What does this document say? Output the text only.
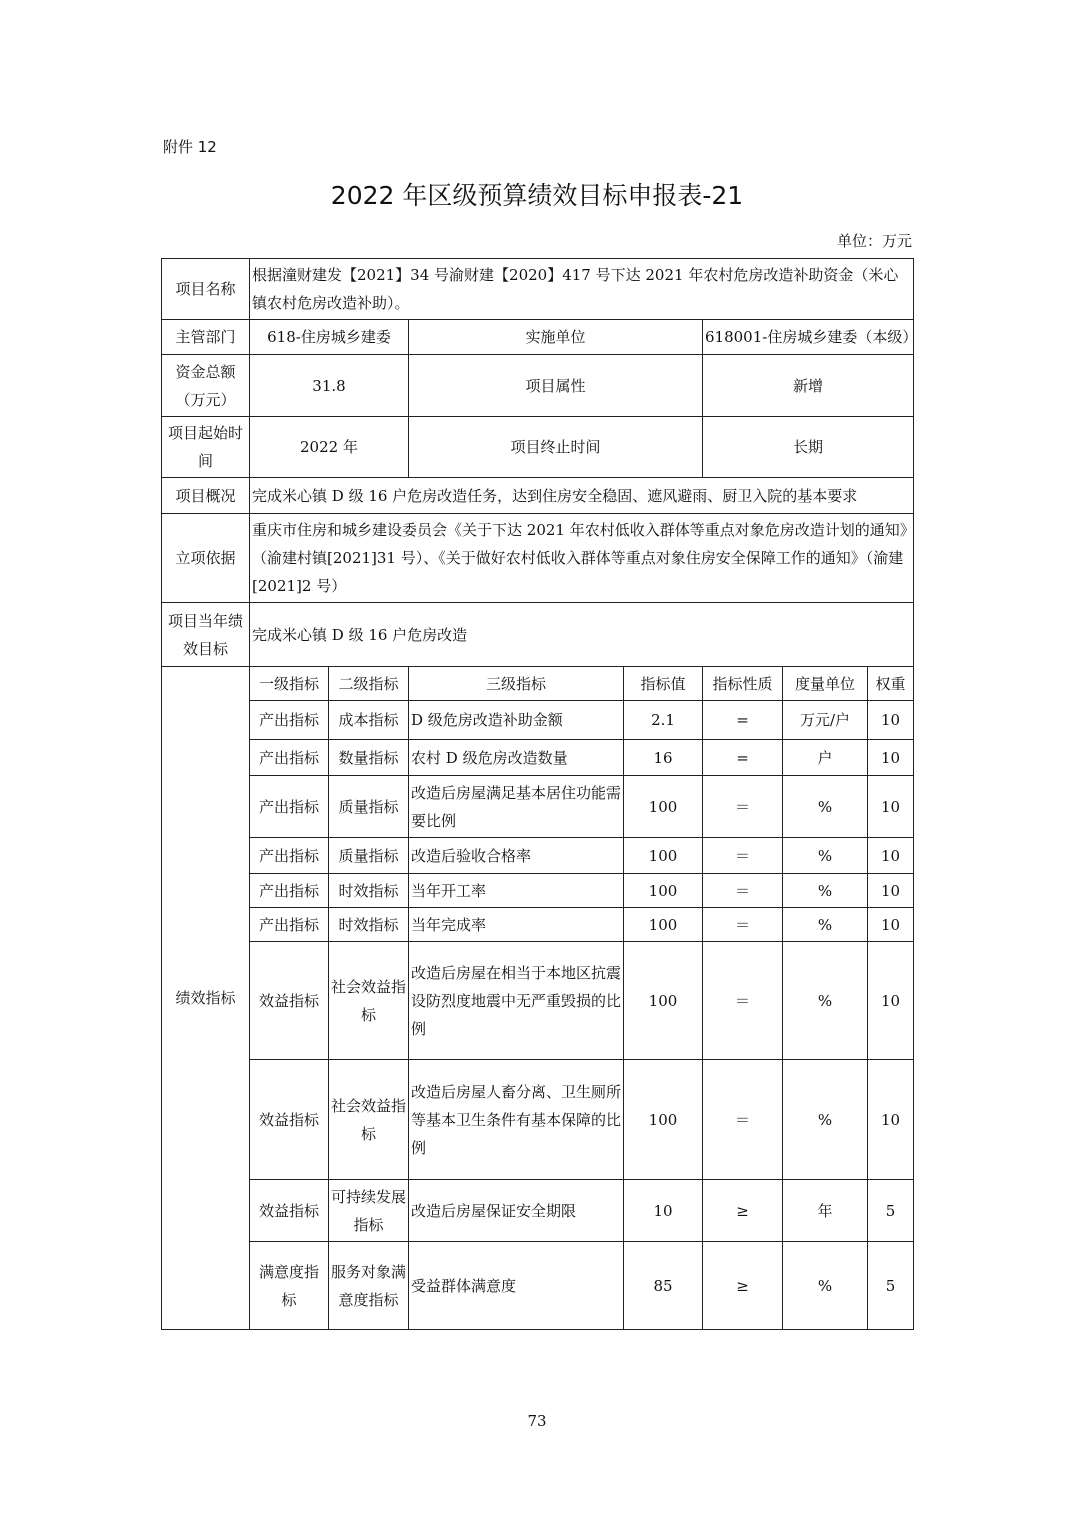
附件 12
2022 年区级预算绩效目标申报表-21
单位：万元
项目名称	根据潼财建发【2021】34 号渝财建【2020】417 号下达 2021 年农村危房改造补助资金（米心镇农村危房改造补助）。						
主管部门	618-住房城乡建委		实施单位		618001-住房城乡建委（本级）		
资金总额（万元）	31.8		项目属性		新增		
项目起始时间	2022 年		项目终止时间		长期		
项目概况	完成米心镇 D 级 16 户危房改造任务，达到住房安全稳固、遮风避雨、厨卫入院的基本要求						
立项依据	重庆市住房和城乡建设委员会《关于下达 2021 年农村低收入群体等重点对象危房改造计划的通知》（渝建村镇[2021]31 号）、《关于做好农村低收入群体等重点对象住房安全保障工作的通知》（渝建[2021]2 号）						
项目当年绩效目标	完成米心镇 D 级 16 户危房改造						
绩效指标	一级指标	二级指标	三级指标	指标值	指标性质	度量单位	权重
	产出指标	成本指标	D 级危房改造补助金额	2.1	=	万元/户	10
	产出指标	数量指标	农村 D 级危房改造数量	16	=	户	10
	产出指标	质量指标	改造后房屋满足基本居住功能需要比例	100	＝	%	10
	产出指标	质量指标	改造后验收合格率	100	＝	%	10
	产出指标	时效指标	当年开工率	100	＝	%	10
	产出指标	时效指标	当年完成率	100	＝	%	10
	效益指标	社会效益指标	改造后房屋在相当于本地区抗震设防烈度地震中无严重毁损的比例	100	＝	%	10
	效益指标	社会效益指标	改造后房屋人畜分离、卫生厕所等基本卫生条件有基本保障的比例	100	＝	%	10
	效益指标	可持续发展指标	改造后房屋保证安全期限	10	≥	年	5
	满意度指标	服务对象满意度指标	受益群体满意度	85	≥	%	5
73
